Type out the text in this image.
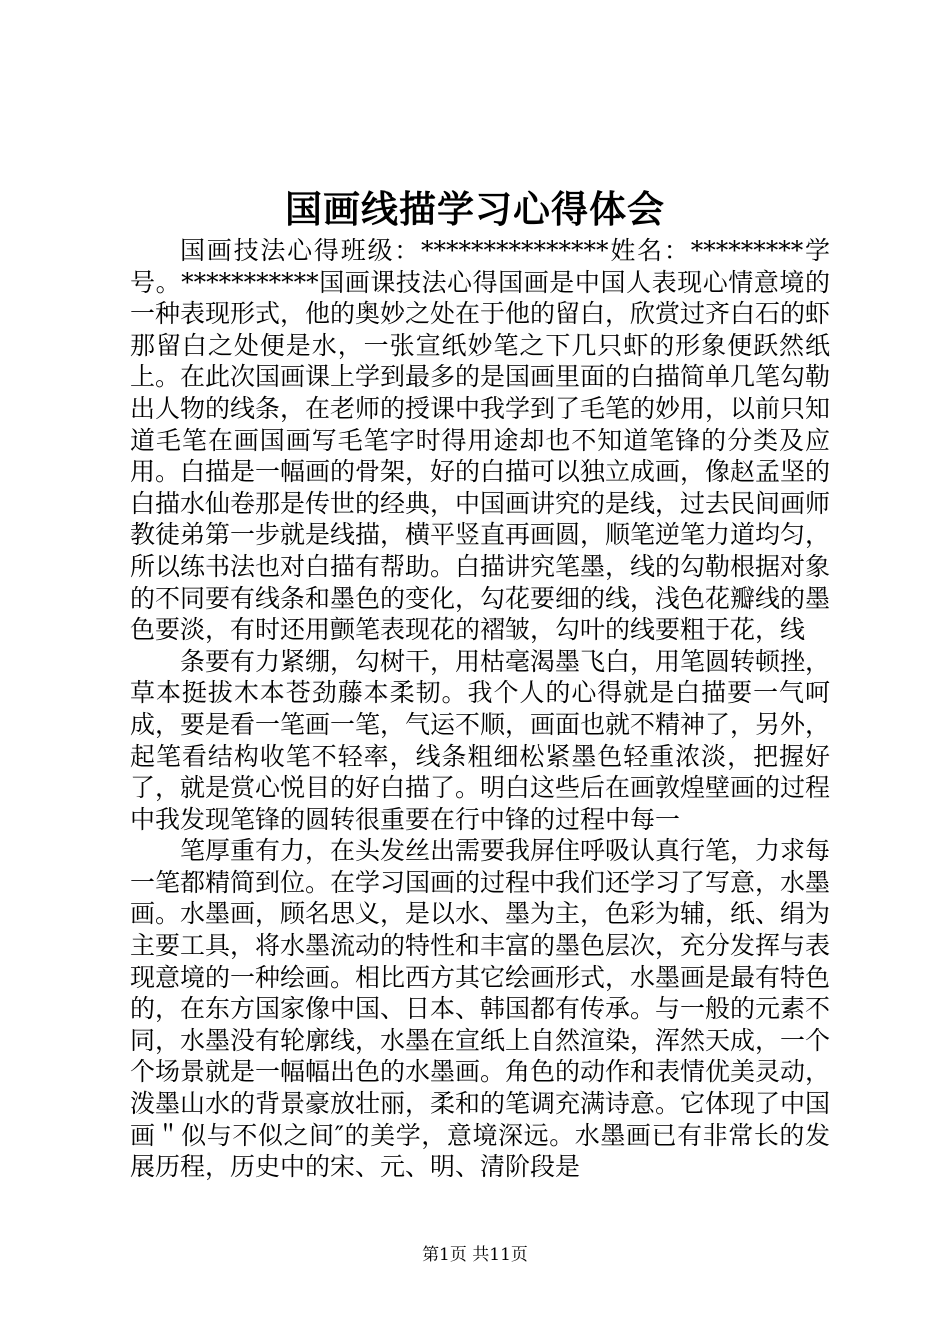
国画线描学习心得体会

国画技法心得班级：***************姓名：*********学号。***********国画课技法心得国画是中国人表现心情意境的一种表现形式，他的奥妙之处在于他的留白，欣赏过齐白石的虾那留白之处便是水，一张宣纸妙笔之下几只虾的形象便跃然纸上。在此次国画课上学到最多的是国画里面的白描简单几笔勾勒出人物的线条，在老师的授课中我学到了毛笔的妙用，以前只知道毛笔在画国画写毛笔字时得用途却也不知道笔锋的分类及应用。白描是一幅画的骨架，好的白描可以独立成画，像赵孟坚的白描水仙卷那是传世的经典，中国画讲究的是线，过去民间画师教徒弟第一步就是线描，横平竖直再画圆，顺笔逆笔力道均匀，所以练书法也对白描有帮助。白描讲究笔墨，线的勾勒根据对象的不同要有线条和墨色的变化，勾花要细的线，浅色花瓣线的墨色要淡，有时还用颤笔表现花的褶皱，勾叶的线要粗于花，线

条要有力紧绷，勾树干，用枯毫渴墨飞白，用笔圆转顿挫，草本挺拔木本苍劲藤本柔韧。我个人的心得就是白描要一气呵成，要是看一笔画一笔，气运不顺，画面也就不精神了，另外，起笔看结构收笔不轻率，线条粗细松紧墨色轻重浓淡，把握好了，就是赏心悦目的好白描了。明白这些后在画敦煌壁画的过程中我发现笔锋的圆转很重要在行中锋的过程中每一

笔厚重有力，在头发丝出需要我屏住呼吸认真行笔，力求每一笔都精简到位。在学习国画的过程中我们还学习了写意，水墨画。水墨画，顾名思义，是以水、墨为主，色彩为辅，纸、绢为主要工具，将水墨流动的特性和丰富的墨色层次，充分发挥与表现意境的一种绘画。相比西方其它绘画形式，水墨画是最有特色的，在东方国家像中国、日本、韩国都有传承。与一般的元素不同，水墨没有轮廓线，水墨在宣纸上自然渲染，浑然天成，一个个场景就是一幅幅出色的水墨画。角色的动作和表情优美灵动，泼墨山水的背景豪放壮丽，柔和的笔调充满诗意。它体现了中国画＂似与不似之间″的美学，意境深远。水墨画已有非常长的发展历程，历史中的宋、元、明、清阶段是

第1页 共11页
